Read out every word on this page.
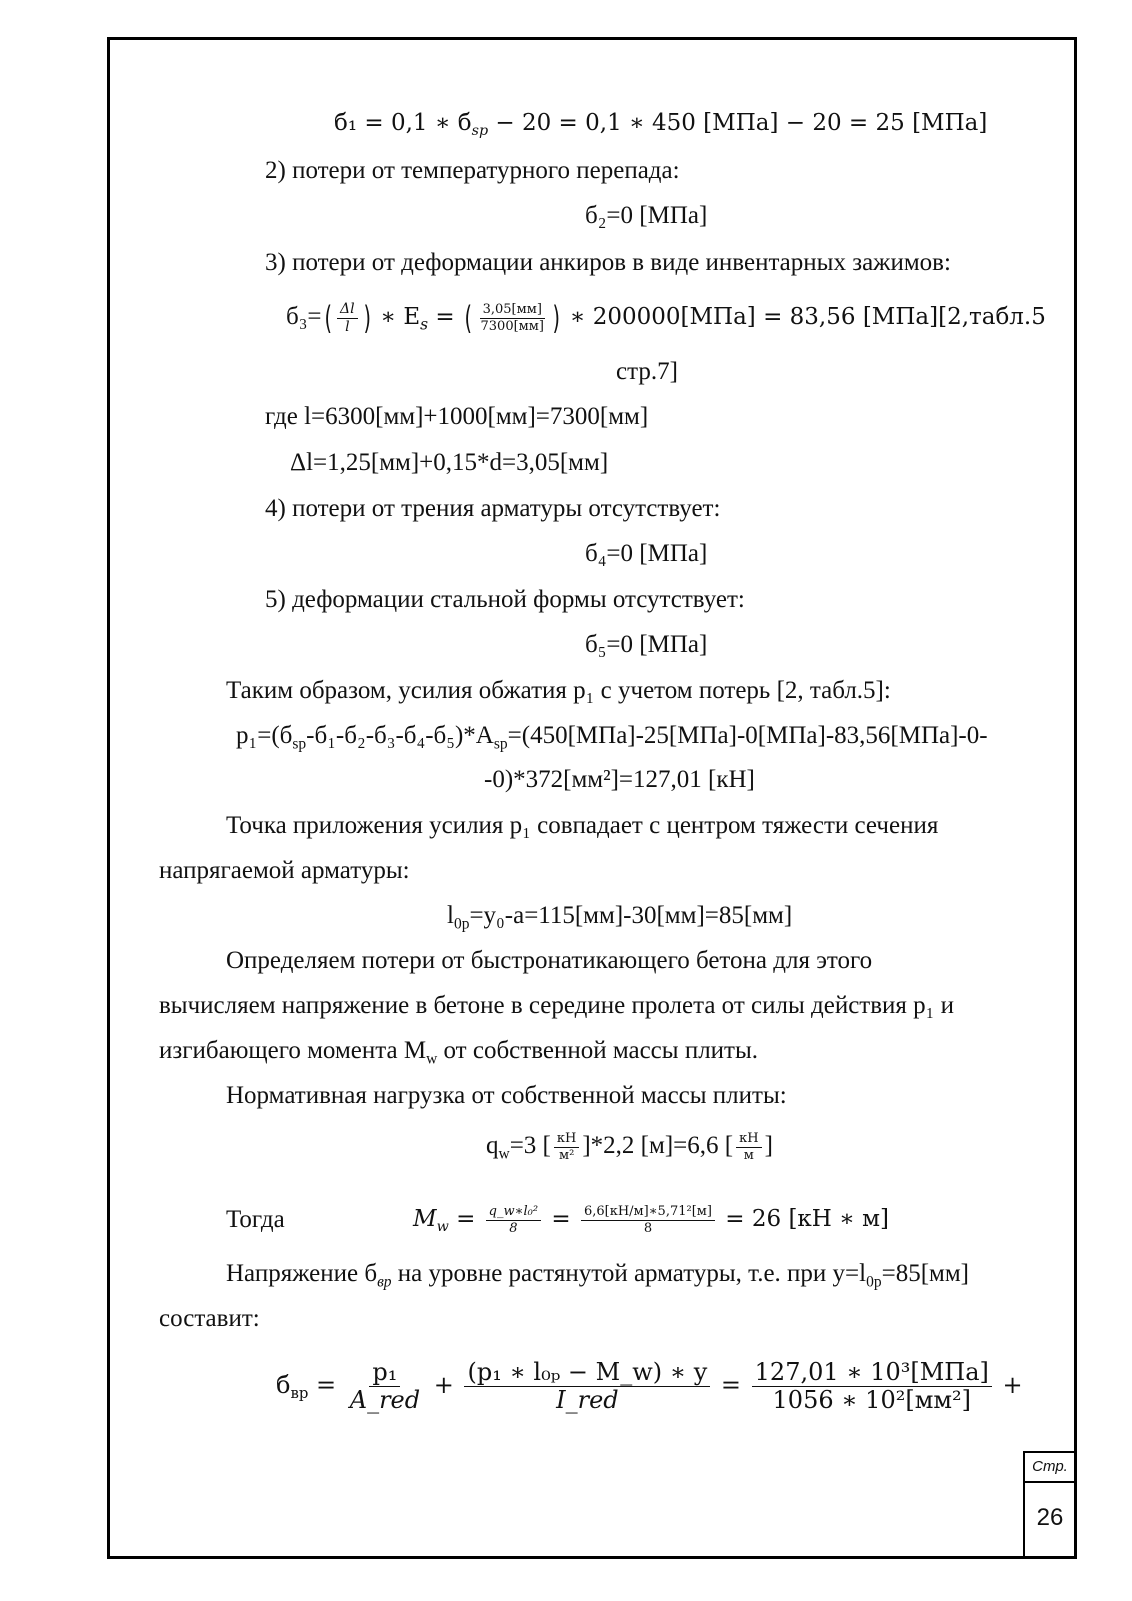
б₁ = 0,1 ∗ $б_{sp} - 20 = 0,1$ ∗ 450 [МПа] − 20 = 25 [МПа]
2) потери от температурного перепада:
б₂=0 [МПа]
3) потери от деформации анкиров в виде инвентарных зажимов:
$б_3=( \frac{\Delta l}{l}$ ) ∗ $E_s$ = ( $\frac{3,05[мм]}{7300[мм]}$ ) ∗ 200000[МПа] = 83,56 [МПа][2,табл.5
стр.7]
где l=6300[мм]+1000[мм]=7300[мм]
Δl=1,25[мм]+0,15*d=3,05[мм]
4) потери от трения арматуры отсутствует:
б₄=0 [МПа]
5) деформации стальной формы отсутствует:
б₅=0 [МПа]
Таким образом, усилия обжатия p₁ с учетом потерь [2, табл.5]:
$p_1=(б_{sp}-б_1-б_2-б_3-б_4-б_5)*A_{sp}=(450[МПа]-25[МПа]-0[МПа]-83,56[МПа]-0-$
-0)*372[мм²]=127,01 [кН]
Точка приложения усилия p₁ совпадает с центром тяжести сечения
напрягаемой арматуры:
$l_{0p}=y_0-a=115[мм]-30[мм]=85[мм]$
Определяем потери от быстронатикающего бетона для этого
вычисляем напряжение в бетоне в середине пролета от силы действия p₁ и
изгибающего момента $M_w$ от собственной массы плиты.
Нормативная нагрузка от собственной массы плиты:
$q_w=3$ [ $\frac{кН}{\text{м²}} ]*2,2$ [м]=6,6 [ $\frac{кН}{м}$ ]
Тогда	$M_w = \frac{\text{q\_w∗l₀²}}{8} = \frac{\text{6,6[кН/м]∗5,71²[м]}}{8} = 26$ [кН ∗ м]
Напряжение $б_{вр}$ на уровне растянутой арматуры, т.е. при $y=l_{0p}=85[мм]$
составит:
$б_{вр} = \frac{\text{p₁}}{\text{A\_red}} + \frac{\text{(p₁ ∗ l₀ₚ − M\_w) ∗ y}}{\text{I\_red}} = \frac{\text{127,01 ∗ 10³[МПа]}}{\text{1056 ∗ 10²[мм²]}}$ +
Стр.
26
